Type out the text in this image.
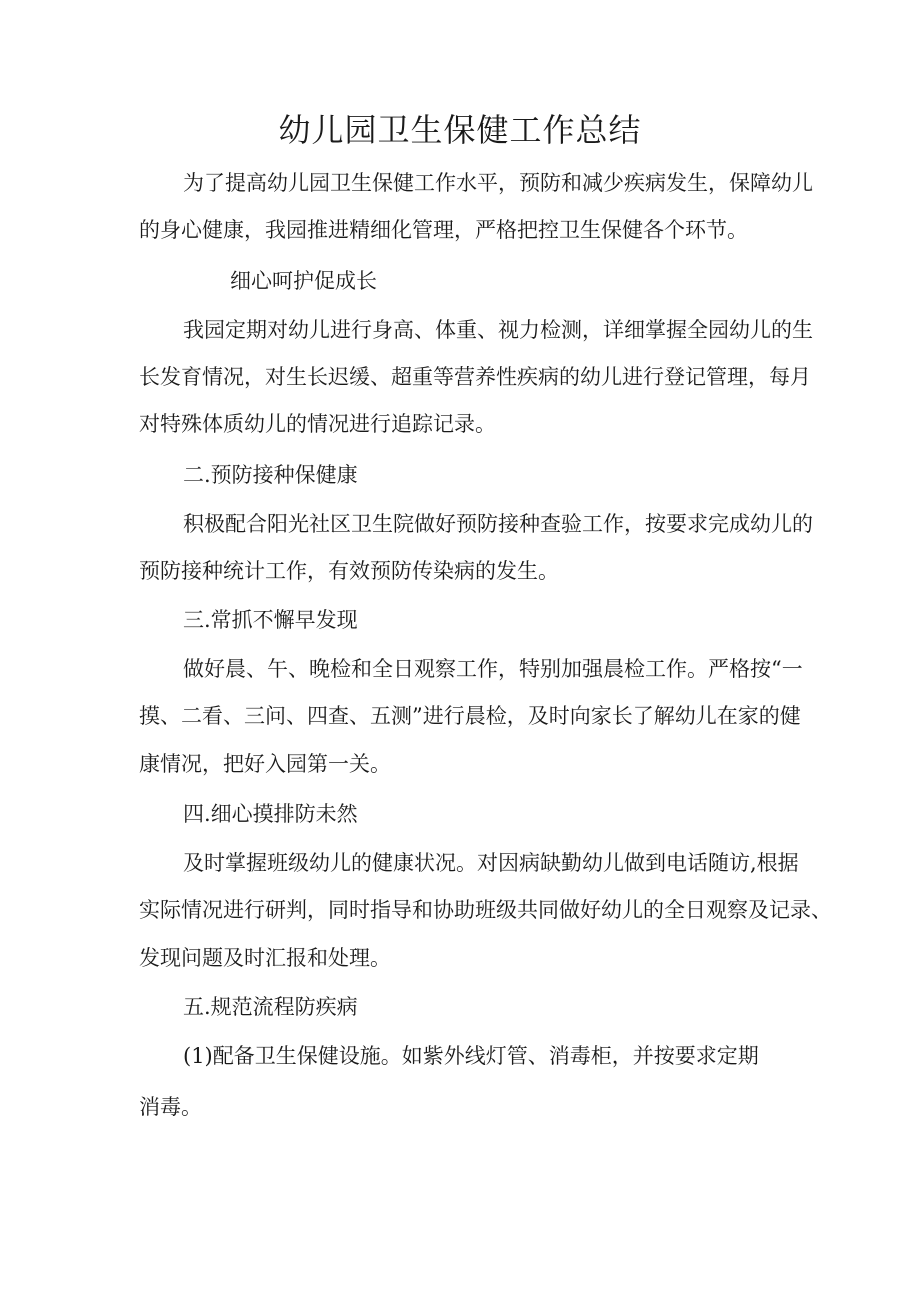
幼儿园卫生保健工作总结

为了提高幼儿园卫生保健工作水平，预防和减少疾病发生，保障幼儿

的身心健康，我园推进精细化管理，严格把控卫生保健各个环节。

细心呵护促成长

我园定期对幼儿进行身高、体重、视力检测，详细掌握全园幼儿的生

长发育情况，对生长迟缓、超重等营养性疾病的幼儿进行登记管理，每月

对特殊体质幼儿的情况进行追踪记录。

二.预防接种保健康

积极配合阳光社区卫生院做好预防接种查验工作，按要求完成幼儿的

预防接种统计工作，有效预防传染病的发生。

三.常抓不懈早发现

做好晨、午、晚检和全日观察工作，特别加强晨检工作。严格按“一

摸、二看、三问、四查、五测”进行晨检，及时向家长了解幼儿在家的健

康情况，把好入园第一关。

四.细心摸排防未然

及时掌握班级幼儿的健康状况。对因病缺勤幼儿做到电话随访,根据

实际情况进行研判，同时指导和协助班级共同做好幼儿的全日观察及记录、

发现问题及时汇报和处理。

五.规范流程防疾病

(1)配备卫生保健设施。如紫外线灯管、消毒柜，并按要求定期

消毒。
